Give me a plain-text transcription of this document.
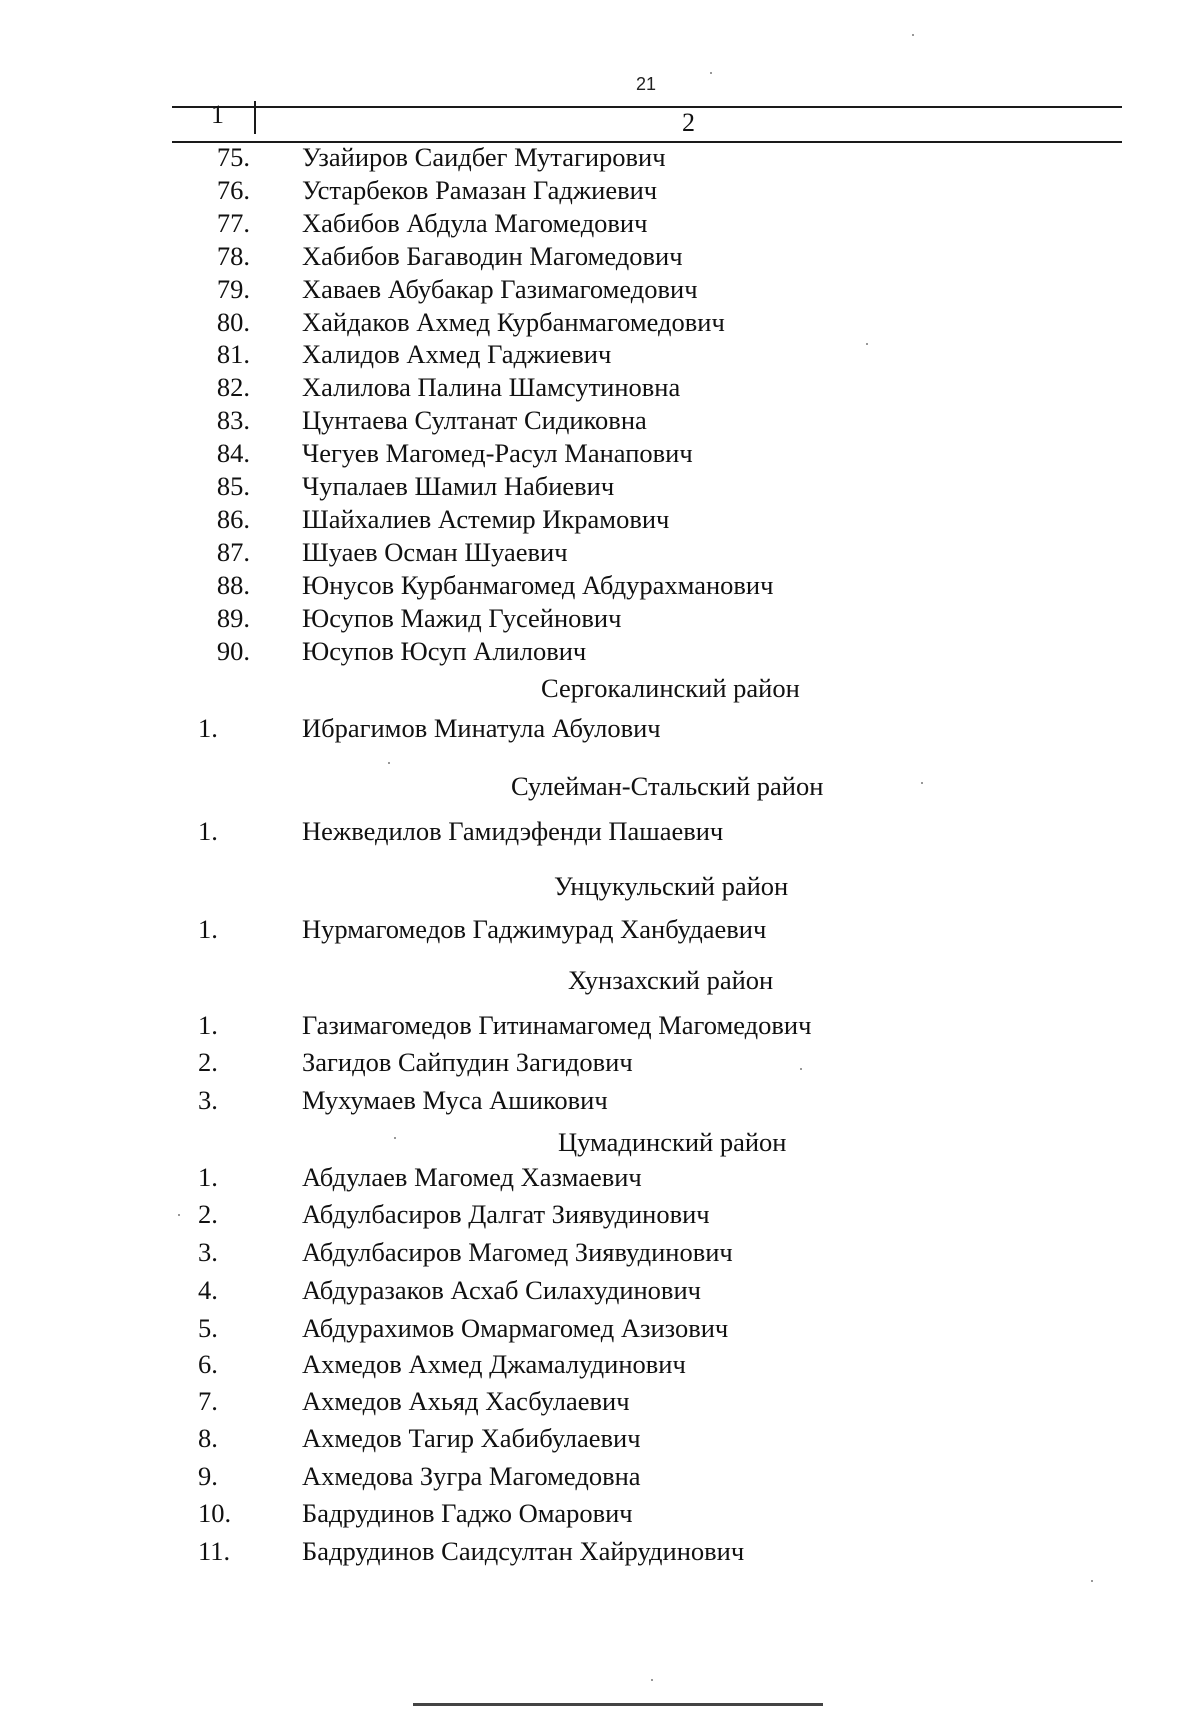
21
1	2
75. Узайиров Саидбег Мутагирович
76. Устарбеков Рамазан Гаджиевич
77. Хабибов Абдула Магомедович
78. Хабибов Багаводин Магомедович
79. Хаваев Абубакар Газимагомедович
80. Хайдаков Ахмед Курбанмагомедович
81. Халидов Ахмед Гаджиевич
82. Халилова Палина Шамсутиновна
83. Цунтаева Султанат Сидиковна
84. Чегуев Магомед-Расул Манапович
85. Чупалаев Шамил Набиевич
86. Шайхалиев Астемир Икрамович
87. Шуаев Осман Шуаевич
88. Юнусов Курбанмагомед Абдурахманович
89. Юсупов Мажид Гусейнович
90. Юсупов Юсуп Алилович
Сергокалинский район
1.	Ибрагимов Минатула Абулович
Сулейман-Стальский район
1.	Нежведилов Гамидэфенди Пашаевич
Унцукульский район
1.	Нурмагомедов Гаджимурад Ханбудаевич
Хунзахский район
1.	Газимагомедов Гитинамагомед Магомедович
2.	Загидов Сайпудин Загидович
3.	Мухумаев Муса Ашикович
Цумадинский район
1.	Абдулаев Магомед Хазмаевич
2.	Абдулбасиров Далгат Зиявудинович
3.	Абдулбасиров Магомед Зиявудинович
4.	Абдуразаков Асхаб Силахудинович
5.	Абдурахимов Омармагомед Азизович
6.	Ахмедов Ахмед Джамалудинович
7.	Ахмедов Ахьяд Хасбулаевич
8.	Ахмедов Тагир Хабибулаевич
9.	Ахмедова Зугра Магомедовна
10.	Бадрудинов Гаджо Омарович
11.	Бадрудинов Саидсултан Хайрудинович
